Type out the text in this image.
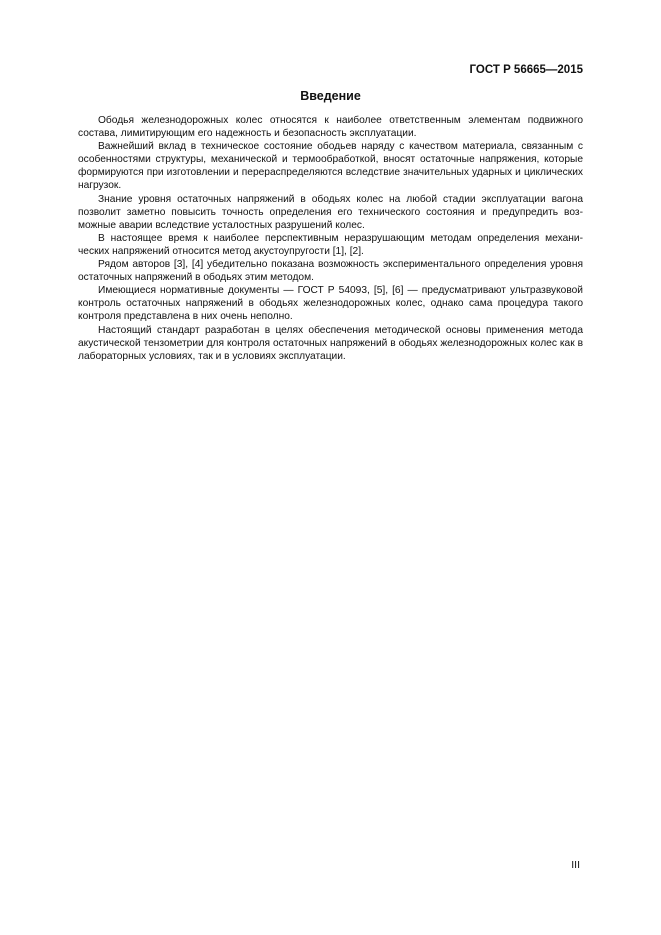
ГОСТ Р 56665—2015
Введение

Ободья железнодорожных колес относятся к наиболее ответственным элементам подвижного состава, лимитирующим его надежность и безопасность эксплуатации.

Важнейший вклад в техническое состояние ободьев наряду с качеством материала, связанным с особенностями структуры, механической и термообработкой, вносят остаточные напряжения, которые формируются при изготовлении и перераспределяются вследствие значительных ударных и циклических нагрузок.

Знание уровня остаточных напряжений в ободьях колес на любой стадии эксплуатации вагона позволит заметно повысить точность определения его технического состояния и предупредить возможные аварии вследствие усталостных разрушений колес.

В настоящее время к наиболее перспективным неразрушающим методам определения механических напряжений относится метод акустоупругости [1], [2].

Рядом авторов [3], [4] убедительно показана возможность экспериментального определения уровня остаточных напряжений в ободьях этим методом.

Имеющиеся нормативные документы — ГОСТ Р 54093, [5], [6] — предусматривают ультразвуковой контроль остаточных напряжений в ободьях железнодорожных колес, однако сама процедура такого контроля представлена в них очень неполно.

Настоящий стандарт разработан в целях обеспечения методической основы применения метода акустической тензометрии для контроля остаточных напряжений в ободьях железнодорожных колес как в лабораторных условиях, так и в условиях эксплуатации.

III
